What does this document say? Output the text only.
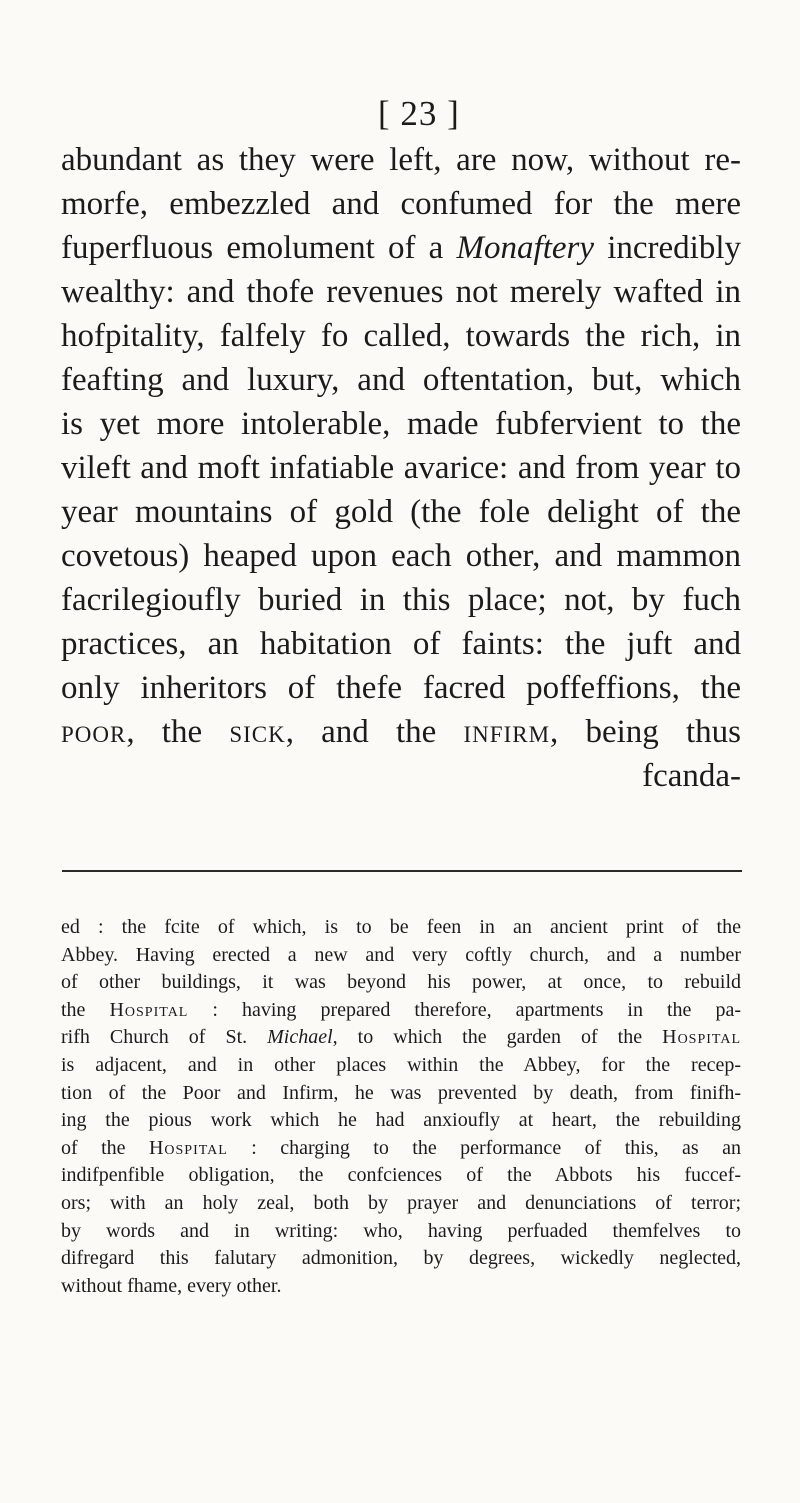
[ 23 ]
abundant as they were left, are now, without re-
morfe, embezzled and confumed for the mere
fuperfluous emolument of a Monaftery incredibly
wealthy: and thofe revenues not merely wafted in
hofpitality, falfely fo called, towards the rich, in
feafting and luxury, and oftentation, but, which
is yet more intolerable, made fubfervient to the
vileft and moft infatiable avarice: and from year to
year mountains of gold (the fole delight of the
covetous) heaped upon each other, and mammon
facrilegioufly buried in this place; not, by fuch
practices, an habitation of faints: the juft and
only inheritors of thefe facred poffeffions, the
poor, the sick, and the infirm, being thus
fcanda-
ed : the fcite of which, is to be feen in an ancient print of the
Abbey. Having erected a new and very coftly church, and a number
of other buildings, it was beyond his power, at once, to rebuild
the Hospital : having prepared therefore, apartments in the pa-
rifh Church of St. Michael, to which the garden of the Hospital
is adjacent, and in other places within the Abbey, for the recep-
tion of the Poor and Infirm, he was prevented by death, from finifh-
ing the pious work which he had anxioufly at heart, the rebuilding
of the Hospital : charging to the performance of this, as an
indifpenfible obligation, the confciences of the Abbots his fuccef-
ors; with an holy zeal, both by prayer and denunciations of terror;
by words and in writing: who, having perfuaded themfelves to
difregard this falutary admonition, by degrees, wickedly neglected,
without fhame, every other.
